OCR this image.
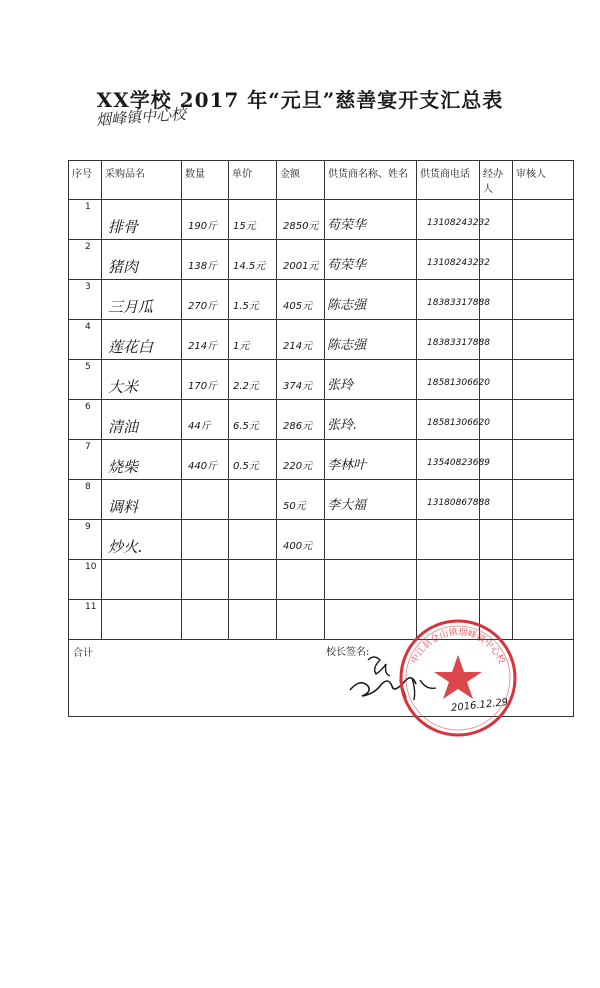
XX学校 2017 年“元旦”慈善宴开支汇总表
烟峰镇中心校
序号	采购品名	数量	单价	金额	供货商名称、姓名	供货商电话	经办人	审核人

1	排骨	190斤	15元	2850元	苟荣华	13108243232		

2	猪肉	138斤	14.5元	2001元	苟荣华	13108243232		

3	三月瓜	270斤	1.5元	405元	陈志强	18383317888		

4	莲花白	214斤	1元	214元	陈志强	18383317888		

5	大米	170斤	2.2元	374元	张玲	18581306620		

6	清油	44斤	6.5元	286元	张玲.	18581306620		

7	烧柴	440斤	0.5元	220元	李林叶	13540823689		

8	调料			50元	李大福	13180867888		

9	炒火.			400元				

10								

11								

合计									校长签名:
2016.12.29
中江县仓山镇烟峰镇中心校
